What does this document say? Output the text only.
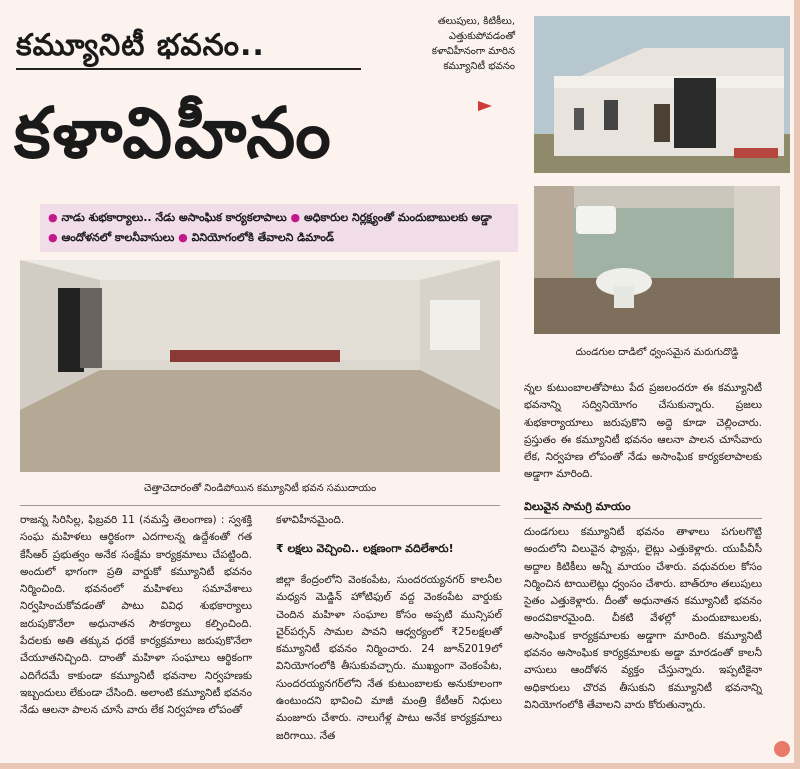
కమ్యూనిటీ భవనం..
కళావిహీనం
తలుపులు, కిటికీలు, ఎత్తుకుపోవడంతో కళావిహీనంగా మారిన కమ్యూనిటీ భవనం
● నాడు శుభకార్యాలు.. నేడు అసాంఘిక కార్యకలాపాలు ● అధికారుల నిర్లక్ష్యంతో మందుబాబులకు అడ్డా ● ఆందోళనలో కాలనీవాసులు ● వినియోగంలోకి తేవాలని డిమాండ్
దుండగుల దాడిలో ధ్వంసమైన మరుగుదొడ్డి
చెత్తాచెదారంతో నిండిపోయిన కమ్యూనిటీ భవన సముదాయం
రాజన్న సిరిసిల్ల, ఫిబ్రవరి 11 (నమస్తే తెలంగాణ) : స్వశక్తి సంఘ మహిళలు ఆర్థికంగా ఎదగాలన్న ఉద్దేశంతో గత కేసీఆర్ ప్రభుత్వం అనేక సంక్షేమ కార్యక్రమాలు చేపట్టింది. అందులో భాగంగా ప్రతి వార్డుకో కమ్యూనిటీ భవనం నిర్మించింది. భవనంలో మహిళలు సమావేశాలు నిర్వహించుకోవడంతో పాటు వివిధ శుభకార్యాలు జరుపుకొనేలా అధునాతన సౌకర్యాలు కల్పించింది. పేదలకు అతి తక్కువ ధరకే కార్యక్రమాలు జరుపుకొనేలా చేయూతనిచ్చింది. దాంతో మహిళా సంఘాలు ఆర్థికంగా ఎదిగేదమే కాకుండా కమ్యూనిటీ భవనాల నిర్వహణకు ఇబ్బందులు లేకుండా చేసింది. అలాంటి కమ్యూనిటీ భవనం నేడు ఆలనా పాలన చూసే వారు లేక నిర్వహణ లోపంతో
కళావిహీనమైంది.
₹ లక్షలు వెచ్చించి.. లక్షణంగా వదిలేశారు!
జిల్లా కేంద్రంలోని వెంకంపేట, సుందరయ్యనగర్ కాలనీల మధ్యన మెడ్జిన్ హోటిఫుల్ వద్ద వెంకంపేట వార్డుకు చెందిన మహిళా సంఘాల కోసం అప్పటి మున్సిపల్ చైర్‌పర్సన్ సామల పావని ఆధ్వర్యంలో ₹25లక్షలతో కమ్యూనిటీ భవనం నిర్మించారు. 24 జూన్2019లో వినియోగంలోకి తీసుకువచ్చారు. ముఖ్యంగా వెంకంపేట, సుందరయ్యనగర్‌లోని నేత కుటుంబాలకు అనుకూలంగా ఉంటుందని భావించి మాజీ మంత్రి కేటీఆర్ నిధులు మంజూరు చేశారు. నాలుగేళ్ల పాటు అనేక కార్యక్రమాలు జరిగాయి. నేత
న్నల కుటుంబాలతోపాటు పేద ప్రజలందరూ ఈ కమ్యూనిటీ భవనాన్ని సద్వినియోగం చేసుకున్నారు. ప్రజలు శుభకార్యాయాలు జరుపుకొని అద్దె కూడా చెల్లించారు. ప్రస్తుతం ఈ కమ్యూనిటీ భవనం ఆలనా పాలన చూసేవారు లేక, నిర్వహణ లోపంతో నేడు అసాంఘిక కార్యకలాపాలకు అడ్డాగా మారింది.
విలువైన సామగ్రి మాయం
దుండగులు కమ్యూనిటీ భవనం తాళాలు పగులగొట్టి అందులోని విలువైన ఫ్యాన్లు, లైట్లు ఎత్తుకెళ్లారు. యుపీవీసీ అద్దాల కిటికీలు అన్నీ మాయం చేశారు. వధువరుల కోసం నిర్మించిన టాయిలెట్లు ధ్వంసం చేశారు. బాత్‌రూం తలుపులు సైతం ఎత్తుకెళ్లారు. దీంతో అధునాతన కమ్యూనిటీ భవనం అందవికారమైంది. చీకటి వేళల్లో మందుబాబులకు, అసాంఘిక కార్యక్రమాలకు అడ్డాగా మారింది. కమ్యూనిటీ భవనం అసాంఘిక కార్యక్రమాలకు అడ్డా మారడంతో కాలనీ వాసులు ఆందోళన వ్యక్తం చేస్తున్నారు. ఇప్పటికైనా అధికారులు చొరవ తీసుకుని కమ్యూనిటీ భవనాన్ని వినియోగంలోకి తేవాలని వారు కోరుతున్నారు.
